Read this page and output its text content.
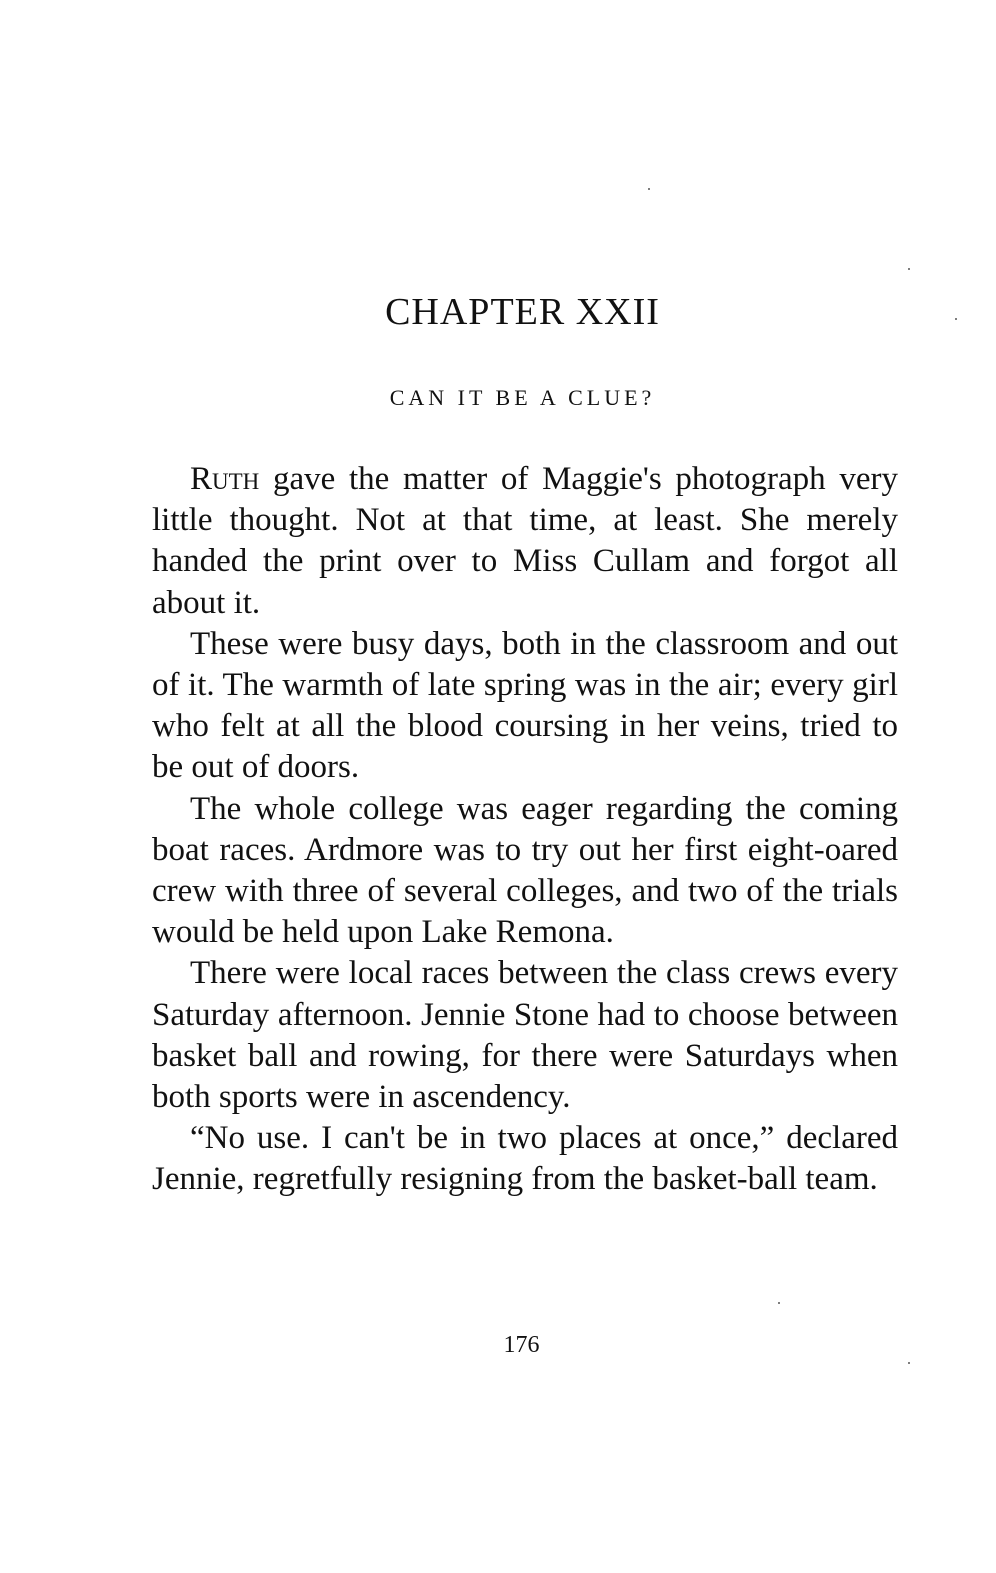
CHAPTER XXII
CAN IT BE A CLUE?

Ruth gave the matter of Maggie's photograph very little thought. Not at that time, at least. She merely handed the print over to Miss Cullam and forgot all about it.

These were busy days, both in the classroom and out of it. The warmth of late spring was in the air; every girl who felt at all the blood coursing in her veins, tried to be out of doors.

The whole college was eager regarding the coming boat races. Ardmore was to try out her first eight-oared crew with three of several colleges, and two of the trials would be held upon Lake Remona.

There were local races between the class crews every Saturday afternoon. Jennie Stone had to choose between basket ball and rowing, for there were Saturdays when both sports were in ascendency.

“No use. I can't be in two places at once,” declared Jennie, regretfully resigning from the basket-ball team.

176
